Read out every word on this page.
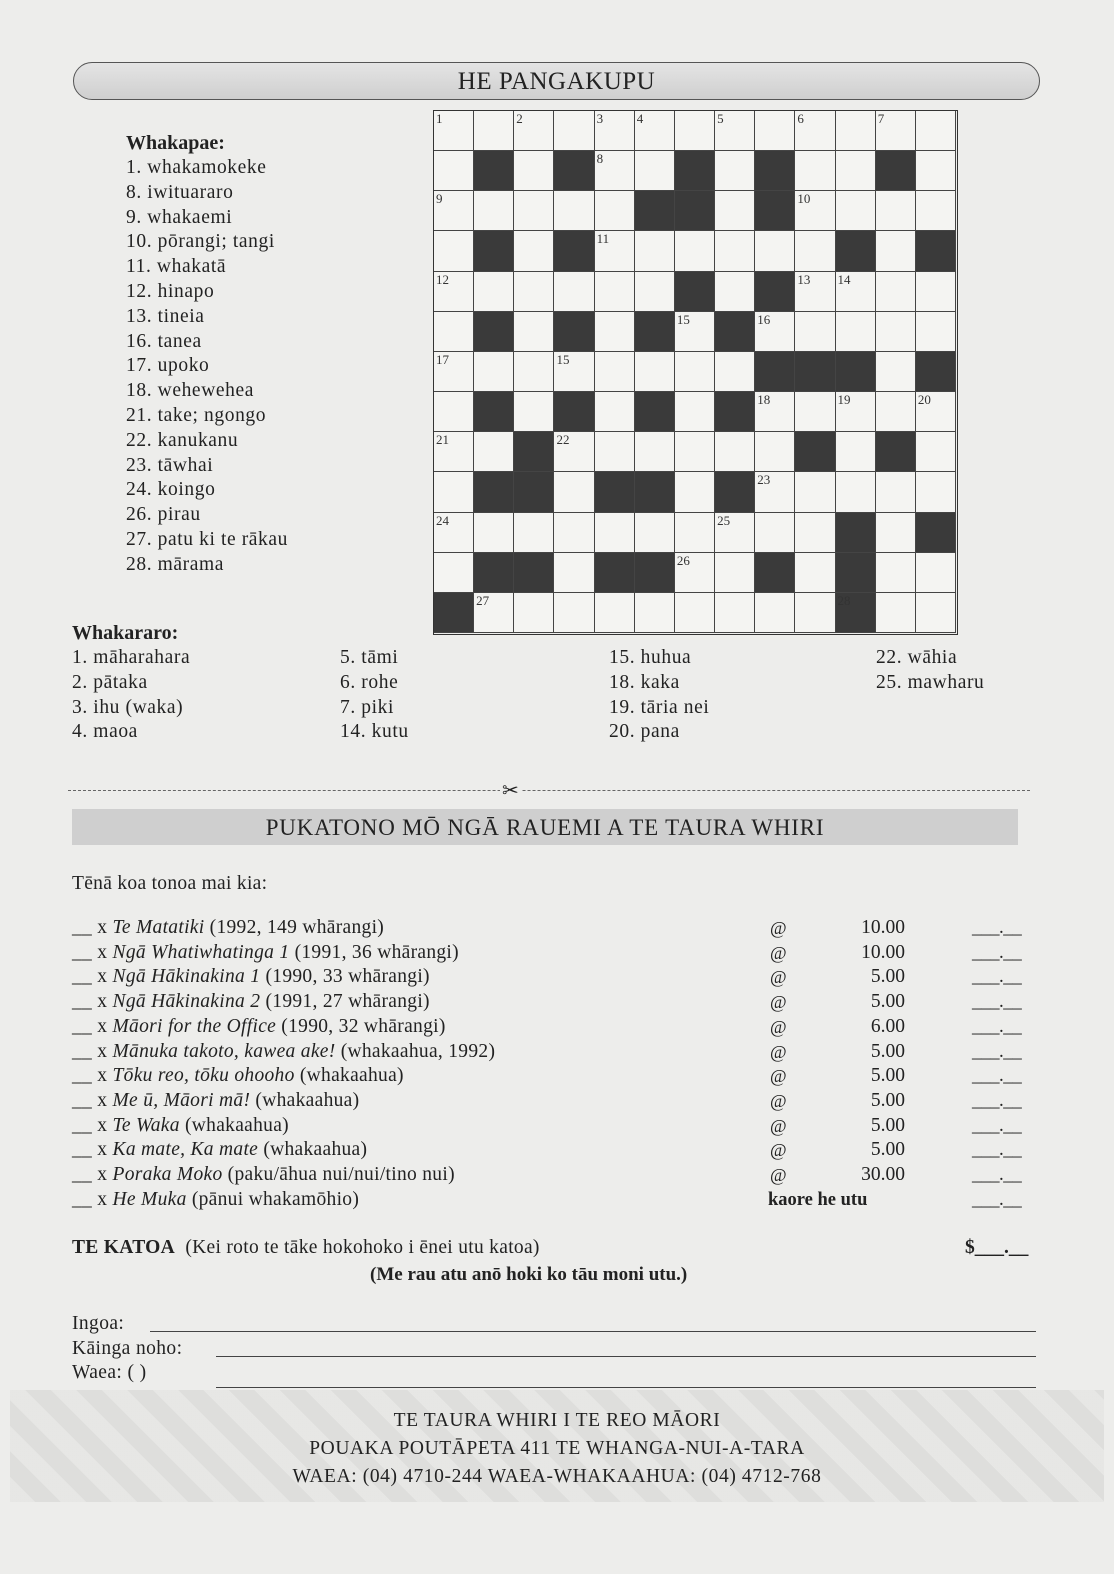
HE PANGAKUPU
Whakapae:
1. whakamokeke
8. iwituararo
9. whakaemi
10. pōrangi; tangi
11. whakatā
12. hinapo
13. tineia
16. tanea
17. upoko
18. wehewehea
21. take; ngongo
22. kanukanu
23. tāwhai
24. koingo
26. pirau
27. patu ki te rākau
28. mārama
1	2	3	4	5	6	7
8
9	10
11
12	13 14
15	16
17	15
18	19	20
21	22
23
24	25
26
27	28
Whakararo:
1. māharahara
2. pātaka
3. ihu (waka)
4. maoa
5. tāmi
6. rohe
7. piki
14. kutu
15. huhua
18. kaka
19. tāria nei
20. pana
22. wāhia
25. mawharu
✂
PUKATONO MŌ NGĀ RAUEMI A TE TAURA WHIRI
Tēnā koa tonoa mai kia:
__ x Te Matatiki (1992, 149 whārangi)	@	10.00	___.__
__ x Ngā Whatiwhatinga 1 (1991, 36 whārangi)	@	10.00	___.__
__ x Ngā Hākinakina 1 (1990, 33 whārangi)	@	5.00	___.__
__ x Ngā Hākinakina 2 (1991, 27 whārangi)	@	5.00	___.__
__ x Māori for the Office (1990, 32 whārangi)	@	6.00	___.__
__ x Mānuka takoto, kawea ake! (whakaahua, 1992)	@	5.00	___.__
__ x Tōku reo, tōku ohooho (whakaahua)	@	5.00	___.__
__ x Me ū, Māori mā! (whakaahua)	@	5.00	___.__
__ x Te Waka (whakaahua)	@	5.00	___.__
__ x Ka mate, Ka mate (whakaahua)	@	5.00	___.__
__ x Poraka Moko (paku/āhua nui/nui/tino nui)	@	30.00	___.__
__ x He Muka (pānui whakamōhio)	kaore he utu	___.__
TE KATOA (Kei roto te tāke hokohoko i ēnei utu katoa)	$___.__
(Me rau atu anō hoki ko tāu moni utu.)
Ingoa:
Kāinga noho:
Waea: ( )
TE TAURA WHIRI I TE REO MĀORI
POUAKA POUTĀPETA 411 TE WHANGA-NUI-A-TARA
WAEA: (04) 4710-244 WAEA-WHAKAAHUA: (04) 4712-768
